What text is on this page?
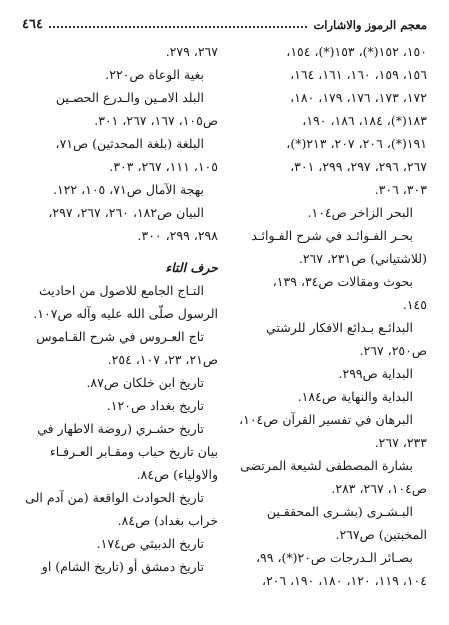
٤٦٤	معجم الرموز والاشارات
١٥٠، ١٥٢(*)، ١٥٣(*)، ١٥٤،
١٥٦، ١٥٩، ١٦٠، ١٦١، ١٦٤،
١٧٢، ١٧٣، ١٧٦، ١٧٩، ١٨٠،
١٨٣(*)، ١٨٤، ١٨٦، ١٩٠،
١٩١(*)، ٢٠٦، ٢٠٧، ٢١٣(*)،
٢٦٧، ٢٩٦، ٢٩٧، ٢٩٩، ٣٠١،
٣٠٣، ٣٠٦.
البحر الزاخر ص١٠٤.
بحـر الفـوائـد في شرح الفـوائـد
(للاشتياني) ص٢٣١، ٢٦٧.
بحوث ومقالات ص٣٤، ١٣٩،
١٤٥.
البدائـع بـدائع الافكار للرشتي
ص٢٥٠، ٢٦٧.
البداية ص٢٩٩.
البداية والنهاية ص١٨٤.
البرهان في تفسير القرآن ص١٠٤،
٢٣٣، ٢٦٧.
بشارة المصطفى لشيعة المرتضى
ص١٠٤، ٢٦٧، ٢٨٣.
البـشـرى (بشـرى المحققـين
المخبتين) ص٢٦٧.
بصـائر الـدرجات ص٢٠(*)، ٩٩،
١٠٤، ١١٩، ١٢٠، ١٨٠، ١٩٠، ٢٠٦،
٢٦٧، ٢٧٩.
بغية الوعاة ص٢٢٠.
البلد الامـين والـدرع الحصـين
ص١٠٥، ١٦٧، ٢٦٧، ٣٠١.
البلغة (بلغة المحدثين) ص٧١،
١٠٥، ١١١، ٢٦٧، ٣٠٣.
بهجة الآمال ص٧١، ١٠٥، ١٢٢.
البيان ص١٨٢، ٢٦٠، ٢٦٧، ٢٩٧،
٢٩٨، ٢٩٩، ٣٠٠.
حرف التاء
التـاج الجامع للاصول من احاديث
الرسول صلّى الله عليه وآله ص١٠٧.
تاج العـروس في شرح القـاموس
ص٢١، ٢٣، ١٠٧، ٢٥٤.
تاريخ ابن خلكان ص٨٧.
تاريخ بغداد ص١٢٠.
تاريخ حشـري (روضة الاطهار في
بيان تاريخ حباب ومقـابر العـرفـاء
والاولياء) ص٨٤.
تاريخ الحوادث الواقعة (من آدم الى
خراب بغداد) ص٨٤.
تاريخ الدبيثي ص١٧٤.
تاريخ دمشق أو (تاريخ الشام) او
